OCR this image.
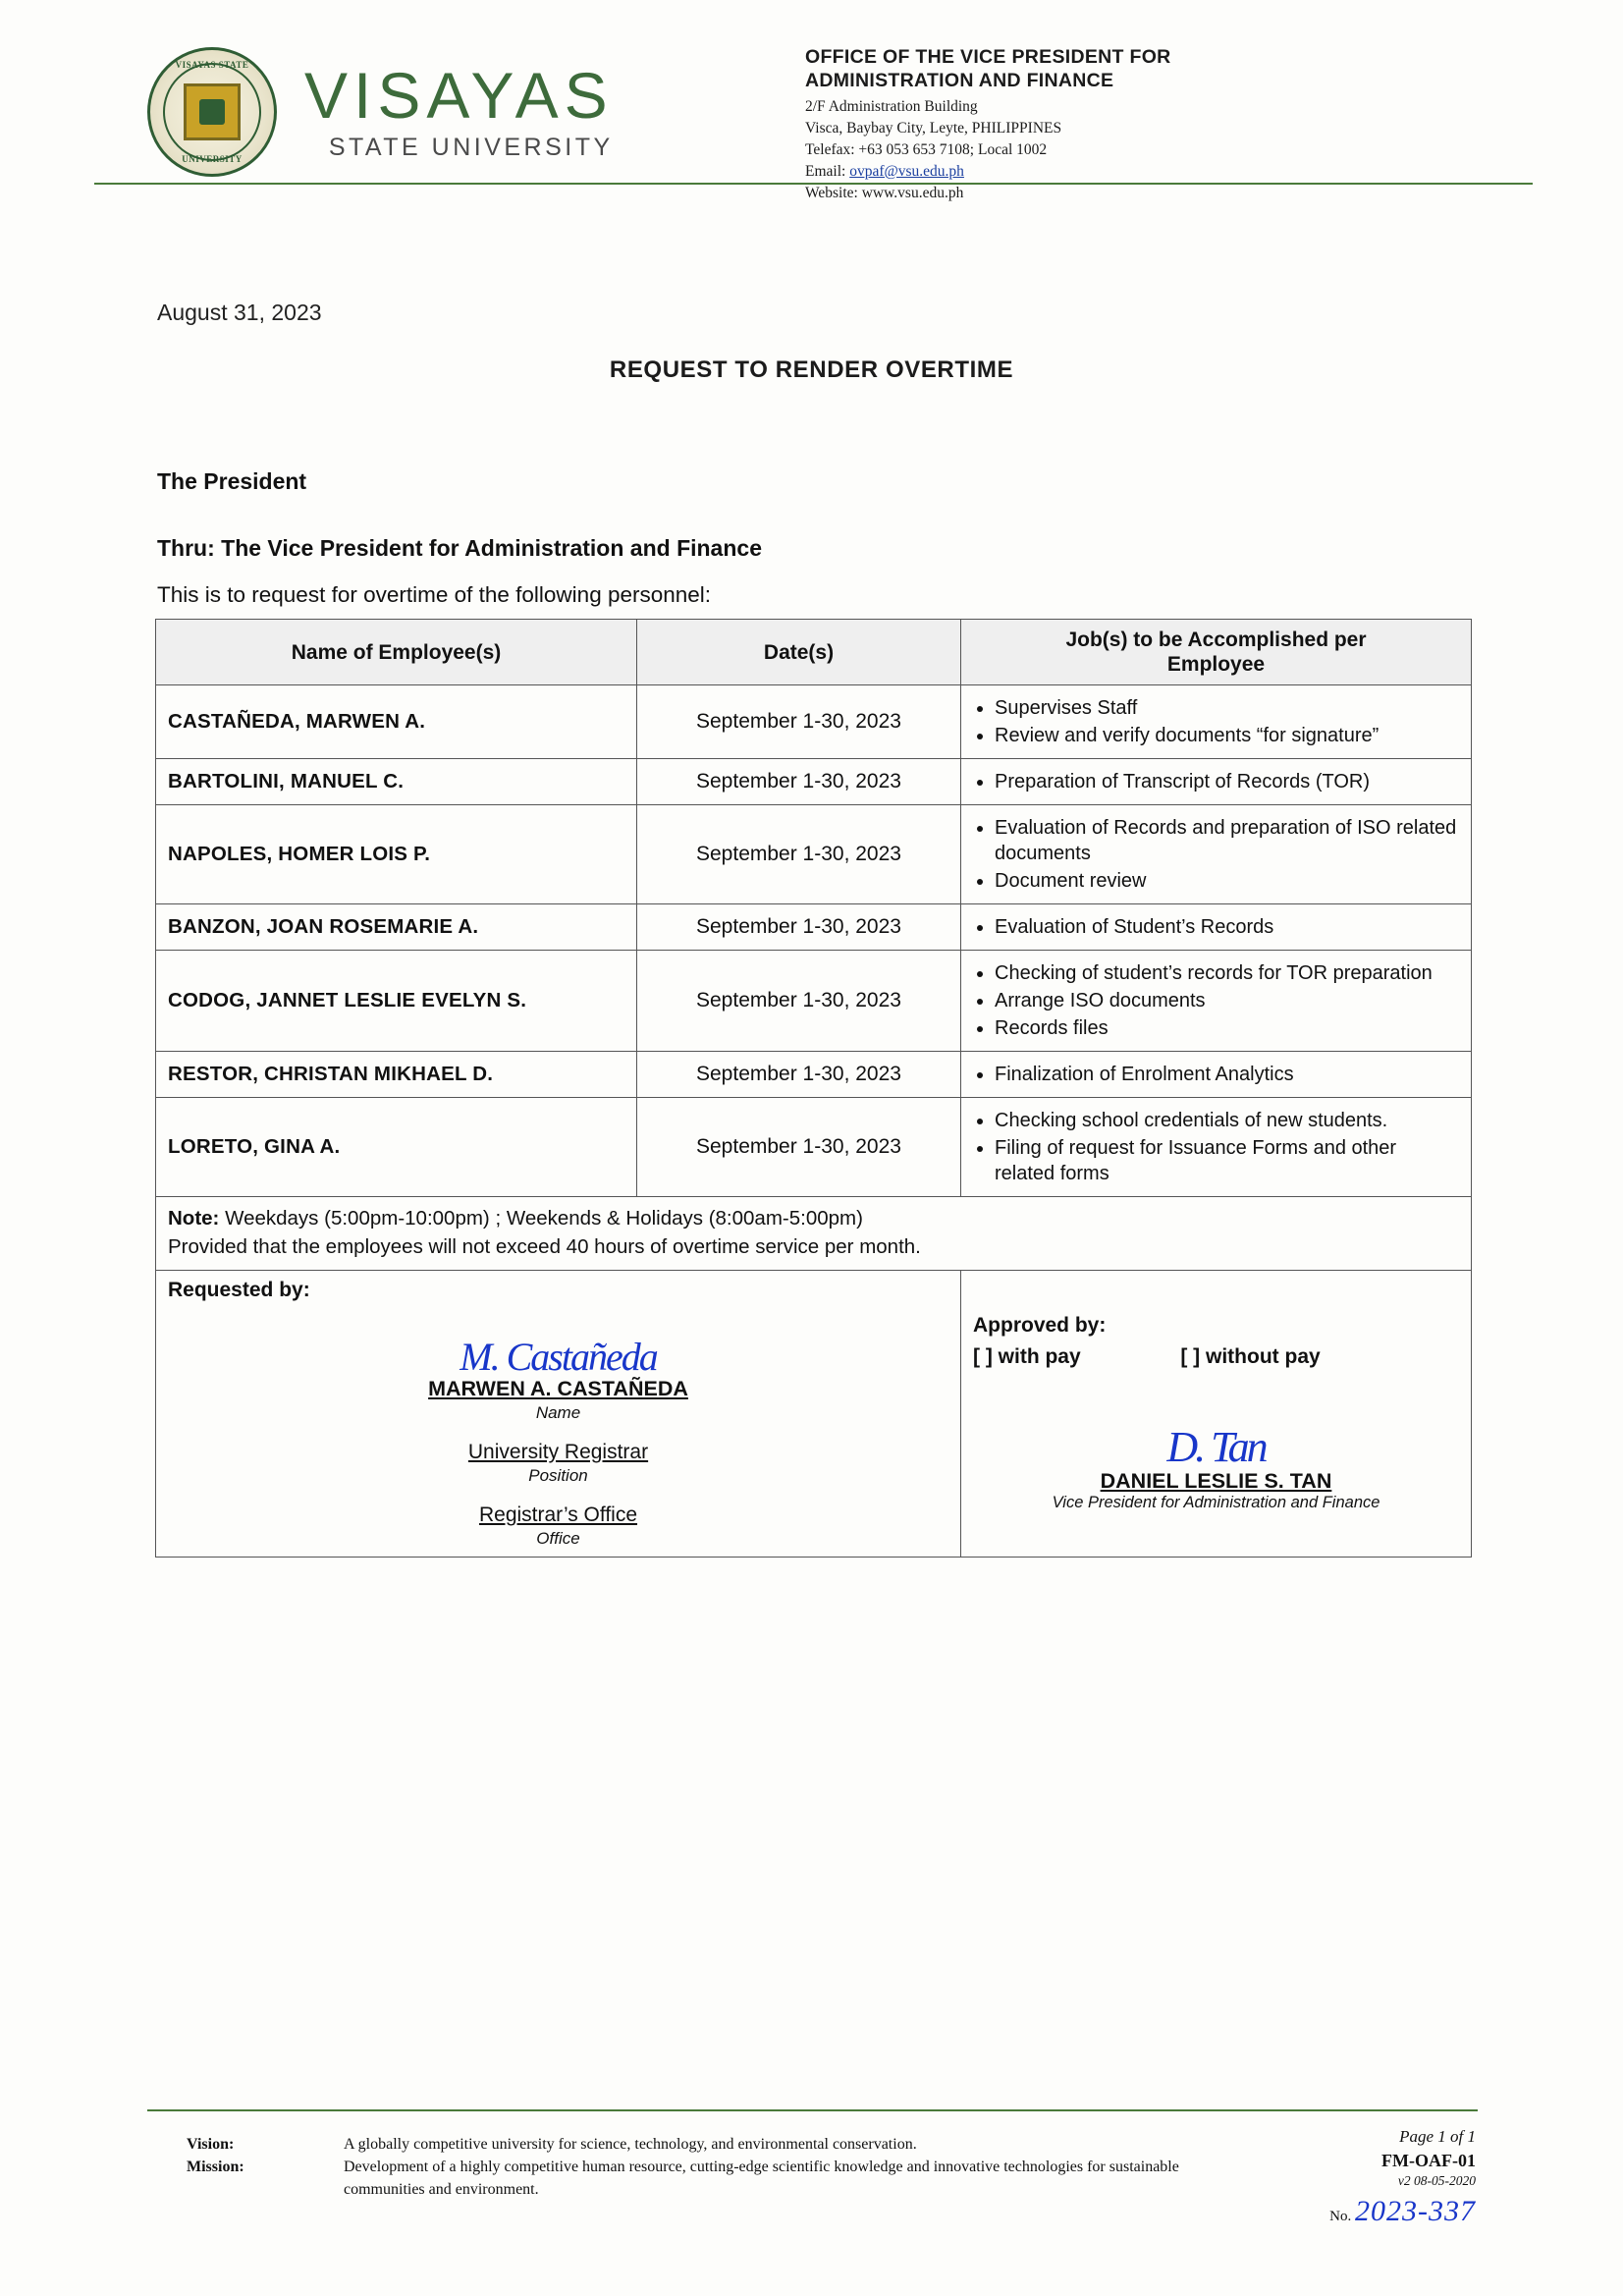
VISAYAS STATE
UNIVERSITY
VISAYAS
STATE UNIVERSITY
OFFICE OF THE VICE PRESIDENT FOR
ADMINISTRATION AND FINANCE
2/F Administration Building
Visca, Baybay City, Leyte, PHILIPPINES
Telefax: +63 053 653 7108; Local 1002
Email: ovpaf@vsu.edu.ph
Website: www.vsu.edu.ph
August 31, 2023
REQUEST TO RENDER OVERTIME
The President
Thru: The Vice President for Administration and Finance
This is to request for overtime of the following personnel:
Name of Employee(s)	Date(s)	Job(s) to be Accomplished per
Employee
CASTAÑEDA, MARWEN A.	September 1-30, 2023	
• Supervises Staff
• Review and verify documents “for signature”

BARTOLINI, MANUEL C.	September 1-30, 2023	
•Preparation of Transcript of Records (TOR)

NAPOLES, HOMER LOIS P.	September 1-30, 2023	
• Evaluation of Records and preparation of ISO related documents
• Document review

BANZON, JOAN ROSEMARIE A.	September 1-30, 2023	
•Evaluation of Student’s Records

CODOG, JANNET LESLIE EVELYN S.	September 1-30, 2023	
• Checking of student’s records for TOR preparation
• Arrange ISO documents
• Records files

RESTOR, CHRISTAN MIKHAEL D.	September 1-30, 2023	
•Finalization of Enrolment Analytics

LORETO, GINA A.	September 1-30, 2023	
• Checking school credentials of new students.
• Filing of request for Issuance Forms and other related forms

Note: Weekdays (5:00pm-10:00pm) ; Weekends & Holidays (8:00am-5:00pm)
Provided that the employees will not exceed 40 hours of overtime service per month.		

Requested by:
M. Castañeda
MARWEN A. CASTAÑEDA
Name
University Registrar
Position
Registrar’s Office
Office

Approved by:
[ ] with pay	[ ] without pay
D. Tan
DANIEL LESLIE S. TAN
Vice President for Administration and Finance
Vision:
Mission:
A globally competitive university for science, technology, and environmental conservation.
Development of a highly competitive human resource, cutting-edge scientific knowledge and innovative technologies for sustainable communities and environment.
Page 1 of 1
FM-OAF-01
v2 08-05-2020
No. 2023-337
